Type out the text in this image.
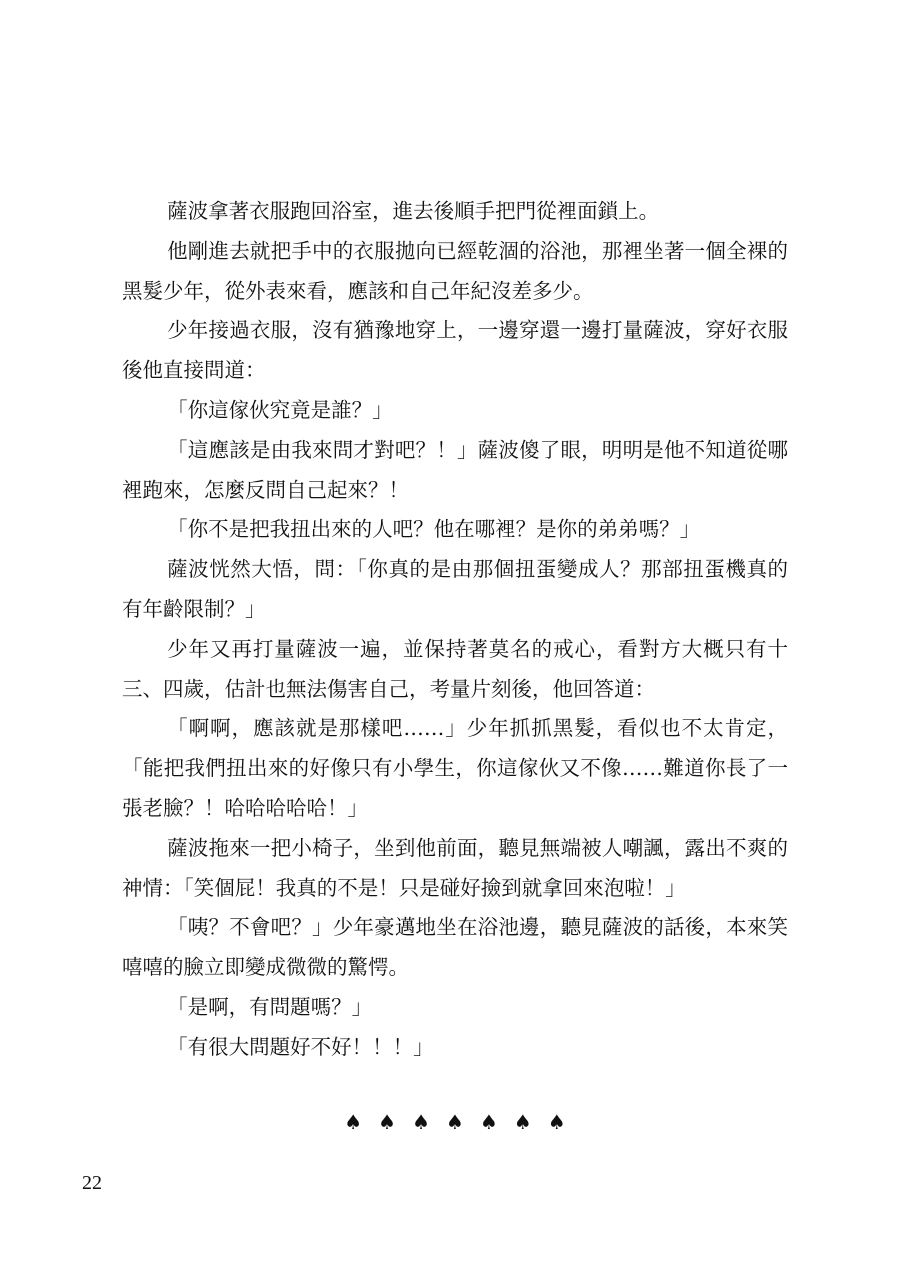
薩波拿著衣服跑回浴室，進去後順手把門從裡面鎖上。

他剛進去就把手中的衣服拋向已經乾涸的浴池，那裡坐著一個全裸的黑髮少年，從外表來看，應該和自己年紀沒差多少。

少年接過衣服，沒有猶豫地穿上，一邊穿還一邊打量薩波，穿好衣服後他直接問道：

「你這傢伙究竟是誰？」

「這應該是由我來問才對吧？！」薩波傻了眼，明明是他不知道從哪裡跑來，怎麼反問自己起來？！

「你不是把我扭出來的人吧？他在哪裡？是你的弟弟嗎？」

薩波恍然大悟，問：「你真的是由那個扭蛋變成人？那部扭蛋機真的有年齡限制？」

少年又再打量薩波一遍，並保持著莫名的戒心，看對方大概只有十三、四歲，估計也無法傷害自己，考量片刻後，他回答道：

「啊啊，應該就是那樣吧……」少年抓抓黑髮，看似也不太肯定，「能把我們扭出來的好像只有小學生，你這傢伙又不像……難道你長了一張老臉？！哈哈哈哈哈！」

薩波拖來一把小椅子，坐到他前面，聽見無端被人嘲諷，露出不爽的神情：「笑個屁！我真的不是！只是碰好撿到就拿回來泡啦！」

「咦？不會吧？」少年豪邁地坐在浴池邊，聽見薩波的話後，本來笑嘻嘻的臉立即變成微微的驚愕。

「是啊，有問題嗎？」

「有很大問題好不好！！！」

♠♠♠♠♠♠♠
22
